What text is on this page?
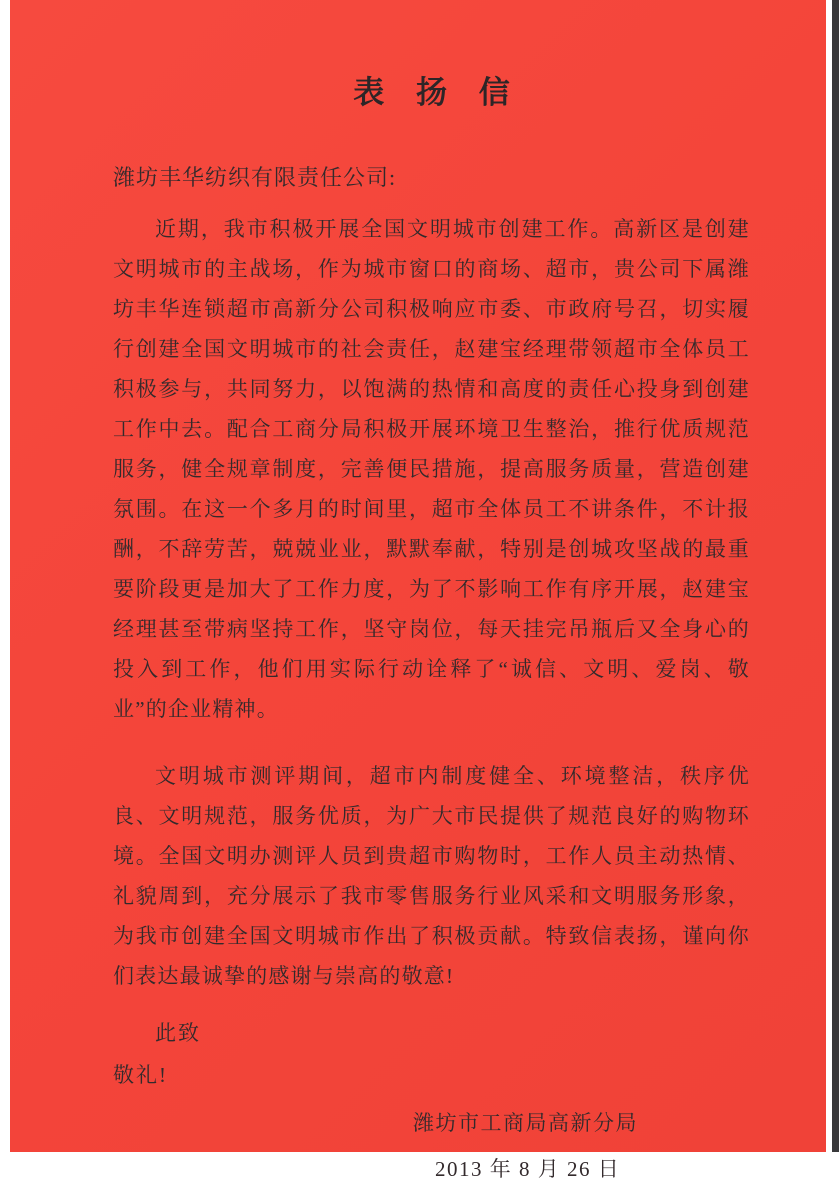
表 扬 信
潍坊丰华纺织有限责任公司:

近期，我市积极开展全国文明城市创建工作。高新区是创建文明城市的主战场，作为城市窗口的商场、超市，贵公司下属潍坊丰华连锁超市高新分公司积极响应市委、市政府号召，切实履行创建全国文明城市的社会责任，赵建宝经理带领超市全体员工积极参与，共同努力，以饱满的热情和高度的责任心投身到创建工作中去。配合工商分局积极开展环境卫生整治，推行优质规范服务，健全规章制度，完善便民措施，提高服务质量，营造创建氛围。在这一个多月的时间里，超市全体员工不讲条件，不计报酬，不辞劳苦，兢兢业业，默默奉献，特别是创城攻坚战的最重要阶段更是加大了工作力度，为了不影响工作有序开展，赵建宝经理甚至带病坚持工作，坚守岗位，每天挂完吊瓶后又全身心的投入到工作，他们用实际行动诠释了“诚信、文明、爱岗、敬业”的企业精神。

文明城市测评期间，超市内制度健全、环境整洁，秩序优良、文明规范，服务优质，为广大市民提供了规范良好的购物环境。全国文明办测评人员到贵超市购物时，工作人员主动热情、礼貌周到，充分展示了我市零售服务行业风采和文明服务形象，为我市创建全国文明城市作出了积极贡献。特致信表扬，谨向你们表达最诚挚的感谢与崇高的敬意!

此致
敬礼!
潍坊市工商局高新分局
2013 年 8 月 26 日
